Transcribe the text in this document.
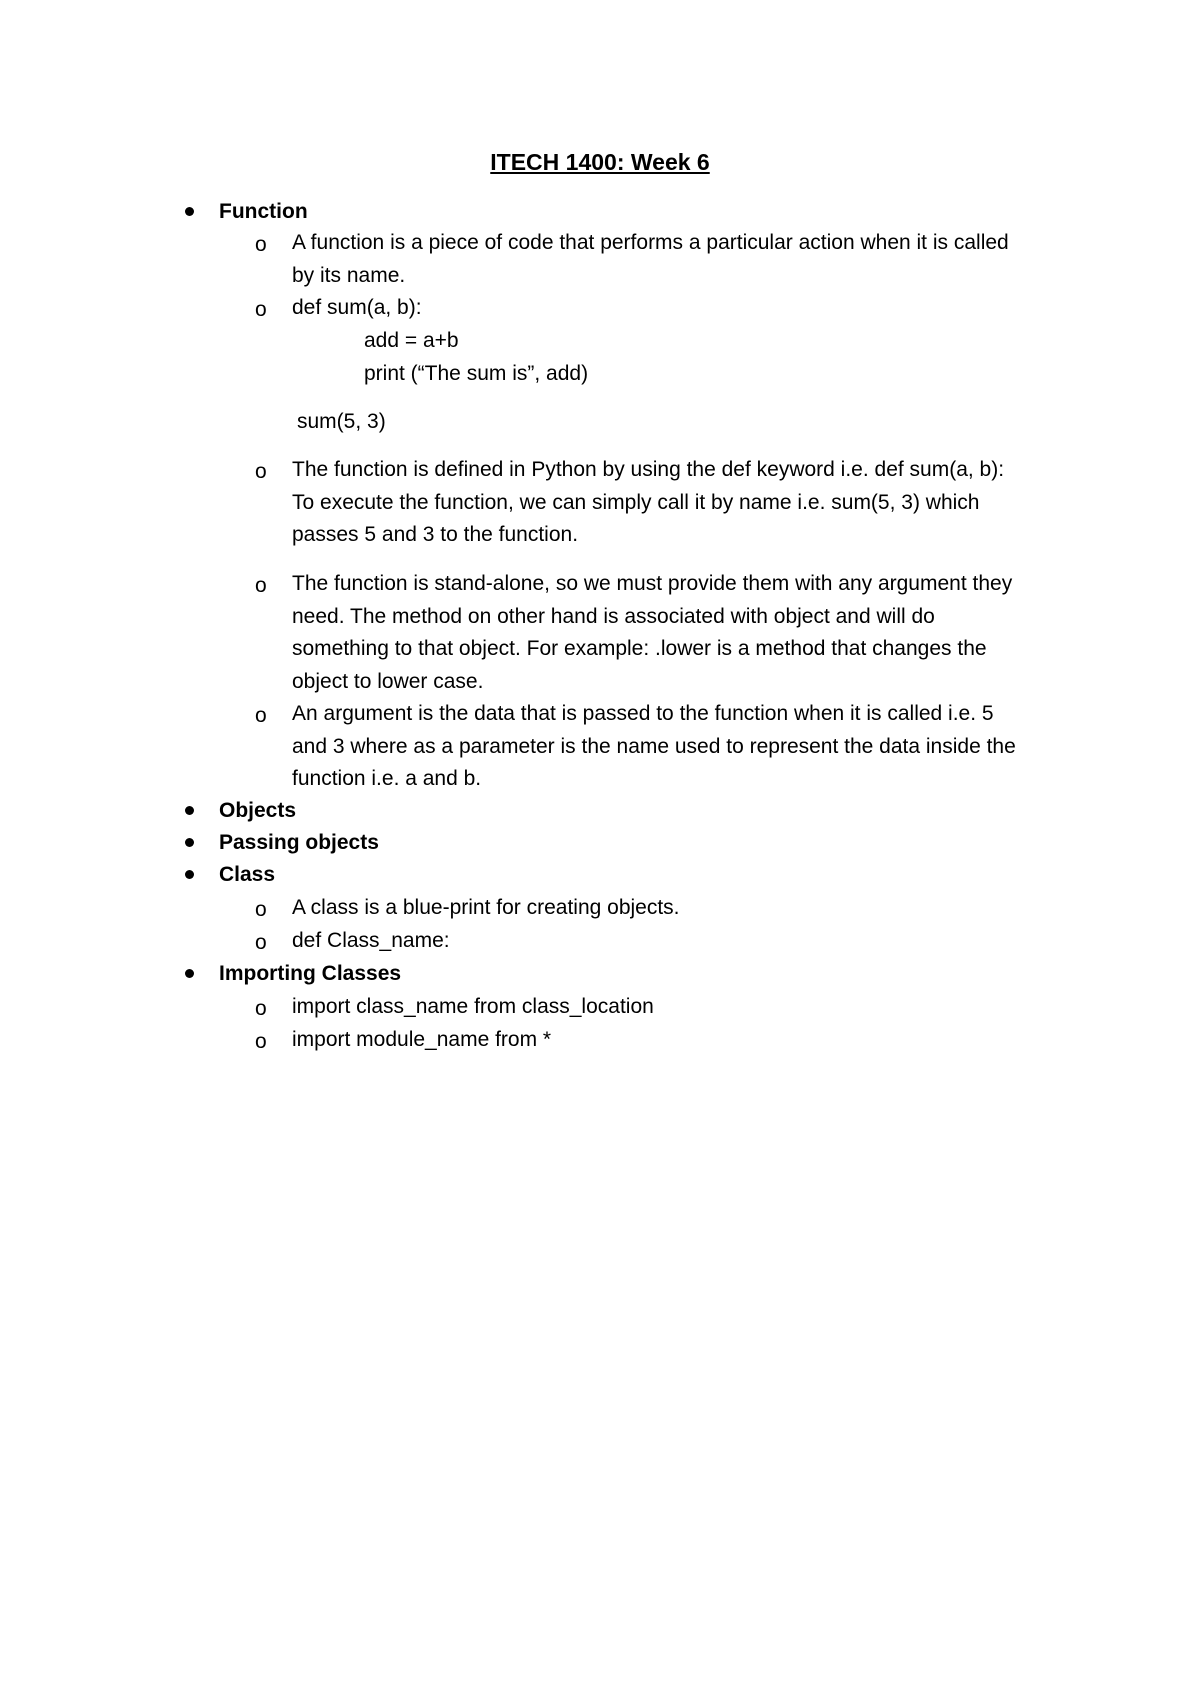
ITECH 1400: Week 6
Function
o A function is a piece of code that performs a particular action when it is called
by its name.
o def sum(a, b):
add = a+b
print (“The sum is”, add)
sum(5, 3)
o The function is defined in Python by using the def keyword i.e. def sum(a, b):
To execute the function, we can simply call it by name i.e. sum(5, 3) which
passes 5 and 3 to the function.
o The function is stand-alone, so we must provide them with any argument they
need. The method on other hand is associated with object and will do
something to that object. For example: .lower is a method that changes the
object to lower case.
o An argument is the data that is passed to the function when it is called i.e. 5
and 3 where as a parameter is the name used to represent the data inside the
function i.e. a and b.
Objects
Passing objects
Class
o A class is a blue-print for creating objects.
o def Class_name:
Importing Classes
o import class_name from class_location
o import module_name from *
